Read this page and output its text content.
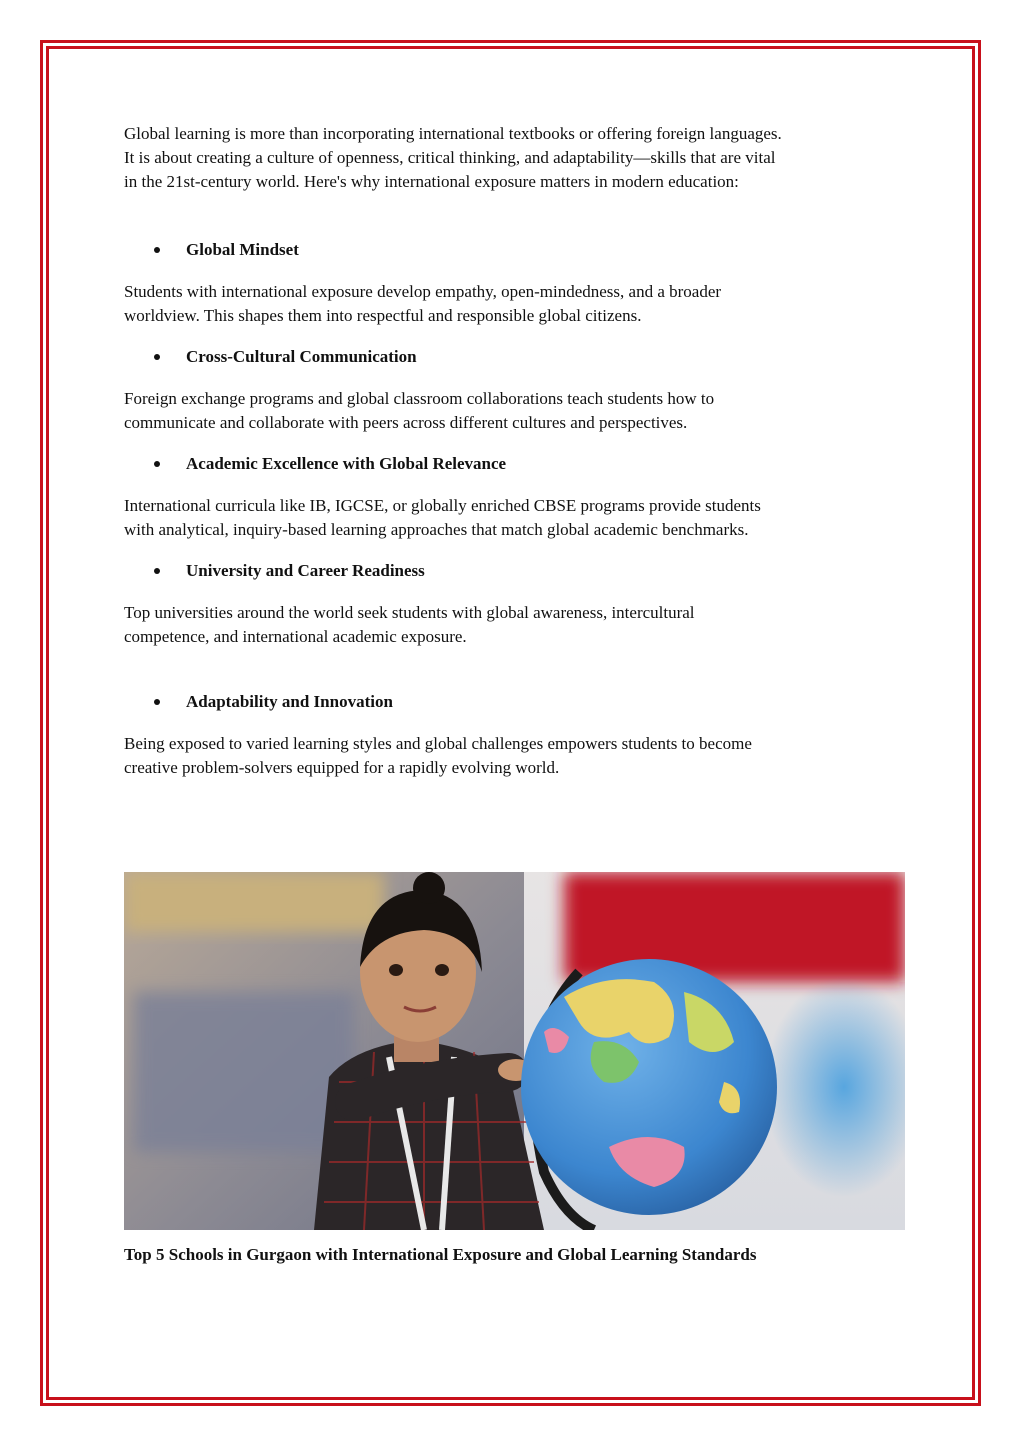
Global learning is more than incorporating international textbooks or offering foreign languages. It is about creating a culture of openness, critical thinking, and adaptability—skills that are vital in the 21st-century world. Here's why international exposure matters in modern education:

Global Mindset

Students with international exposure develop empathy, open-mindedness, and a broader worldview. This shapes them into respectful and responsible global citizens.

Cross-Cultural Communication

Foreign exchange programs and global classroom collaborations teach students how to communicate and collaborate with peers across different cultures and perspectives.

Academic Excellence with Global Relevance

International curricula like IB, IGCSE, or globally enriched CBSE programs provide students with analytical, inquiry-based learning approaches that match global academic benchmarks.

University and Career Readiness

Top universities around the world seek students with global awareness, intercultural competence, and international academic exposure.

Adaptability and Innovation

Being exposed to varied learning styles and global challenges empowers students to become creative problem-solvers equipped for a rapidly evolving world.

Top 5 Schools in Gurgaon with International Exposure and Global Learning Standards
